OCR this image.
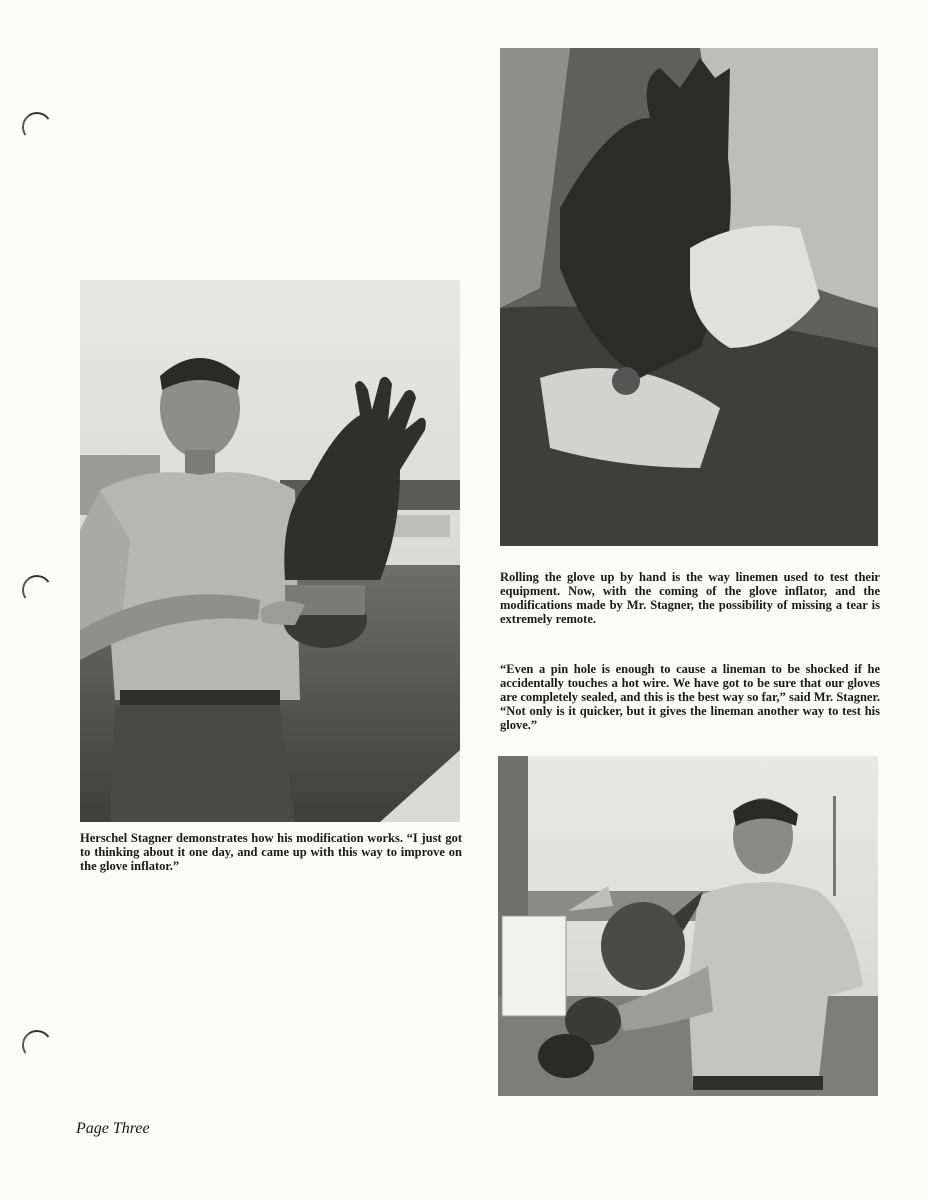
Herschel Stagner demonstrates how his modification works. “I just got to thinking about it one day, and came up with this way to improve on the glove inflator.”

Rolling the glove up by hand is the way linemen used to test their equipment. Now, with the coming of the glove inflator, and the modifications made by Mr. Stagner, the possibility of missing a tear is extremely remote.

“Even a pin hole is enough to cause a lineman to be shocked if he accidentally touches a hot wire. We have got to be sure that our gloves are completely sealed, and this is the best way so far,” said Mr. Stagner. “Not only is it quicker, but it gives the lineman another way to test his glove.”

Page Three
